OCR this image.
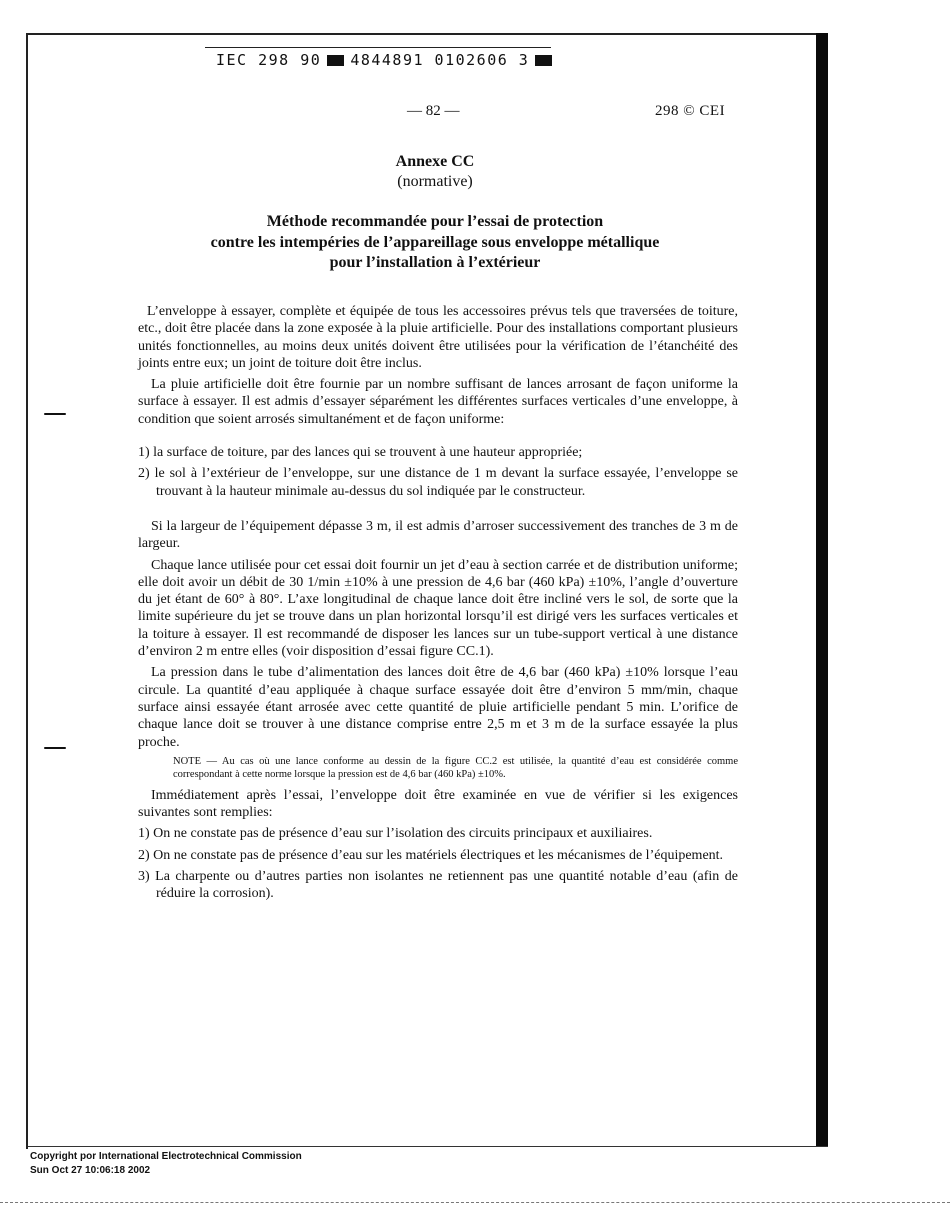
IEC 298 90 4844891 0102606 3
— 82 —	298 © CEI
Annexe CC
(normative)
Méthode recommandée pour l’essai de protection
contre les intempéries de l’appareillage sous enveloppe métallique
pour l’installation à l’extérieur

L’enveloppe à essayer, complète et équipée de tous les accessoires prévus tels que traversées de toiture, etc., doit être placée dans la zone exposée à la pluie artificielle. Pour des installations comportant plusieurs unités fonctionnelles, au moins deux unités doivent être utilisées pour la vérification de l’étanchéité des joints entre eux; un joint de toiture doit être inclus.

La pluie artificielle doit être fournie par un nombre suffisant de lances arrosant de façon uniforme la surface à essayer. Il est admis d’essayer séparément les différentes surfaces verticales d’une enveloppe, à condition que soient arrosés simultanément et de façon uniforme:

1) la surface de toiture, par des lances qui se trouvent à une hauteur appropriée;
2) le sol à l’extérieur de l’enveloppe, sur une distance de 1 m devant la surface essayée, l’enveloppe se trouvant à la hauteur minimale au-dessus du sol indiquée par le constructeur.

Si la largeur de l’équipement dépasse 3 m, il est admis d’arroser successivement des tranches de 3 m de largeur.

Chaque lance utilisée pour cet essai doit fournir un jet d’eau à section carrée et de distribution uniforme; elle doit avoir un débit de 30 1/min ±10% à une pression de 4,6 bar (460 kPa) ±10%, l’angle d’ouverture du jet étant de 60° à 80°. L’axe longitudinal de chaque lance doit être incliné vers le sol, de sorte que la limite supérieure du jet se trouve dans un plan horizontal lorsqu’il est dirigé vers les surfaces verticales et la toiture à essayer. Il est recommandé de disposer les lances sur un tube-support vertical à une distance d’environ 2 m entre elles (voir disposition d’essai figure CC.1).

La pression dans le tube d’alimentation des lances doit être de 4,6 bar (460 kPa) ±10% lorsque l’eau circule. La quantité d’eau appliquée à chaque surface essayée doit être d’environ 5 mm/min, chaque surface ainsi essayée étant arrosée avec cette quantité de pluie artificielle pendant 5 min. L’orifice de chaque lance doit se trouver à une distance comprise entre 2,5 m et 3 m de la surface essayée la plus proche.

NOTE — Au cas où une lance conforme au dessin de la figure CC.2 est utilisée, la quantité d’eau est considérée comme correspondant à cette norme lorsque la pression est de 4,6 bar (460 kPa) ±10%.

Immédiatement après l’essai, l’enveloppe doit être examinée en vue de vérifier si les exigences suivantes sont remplies:

1) On ne constate pas de présence d’eau sur l’isolation des circuits principaux et auxiliaires.
2) On ne constate pas de présence d’eau sur les matériels électriques et les mécanismes de l’équipement.
3) La charpente ou d’autres parties non isolantes ne retiennent pas une quantité notable d’eau (afin de réduire la corrosion).
Copyright por International Electrotechnical Commission
Sun Oct 27 10:06:18 2002
